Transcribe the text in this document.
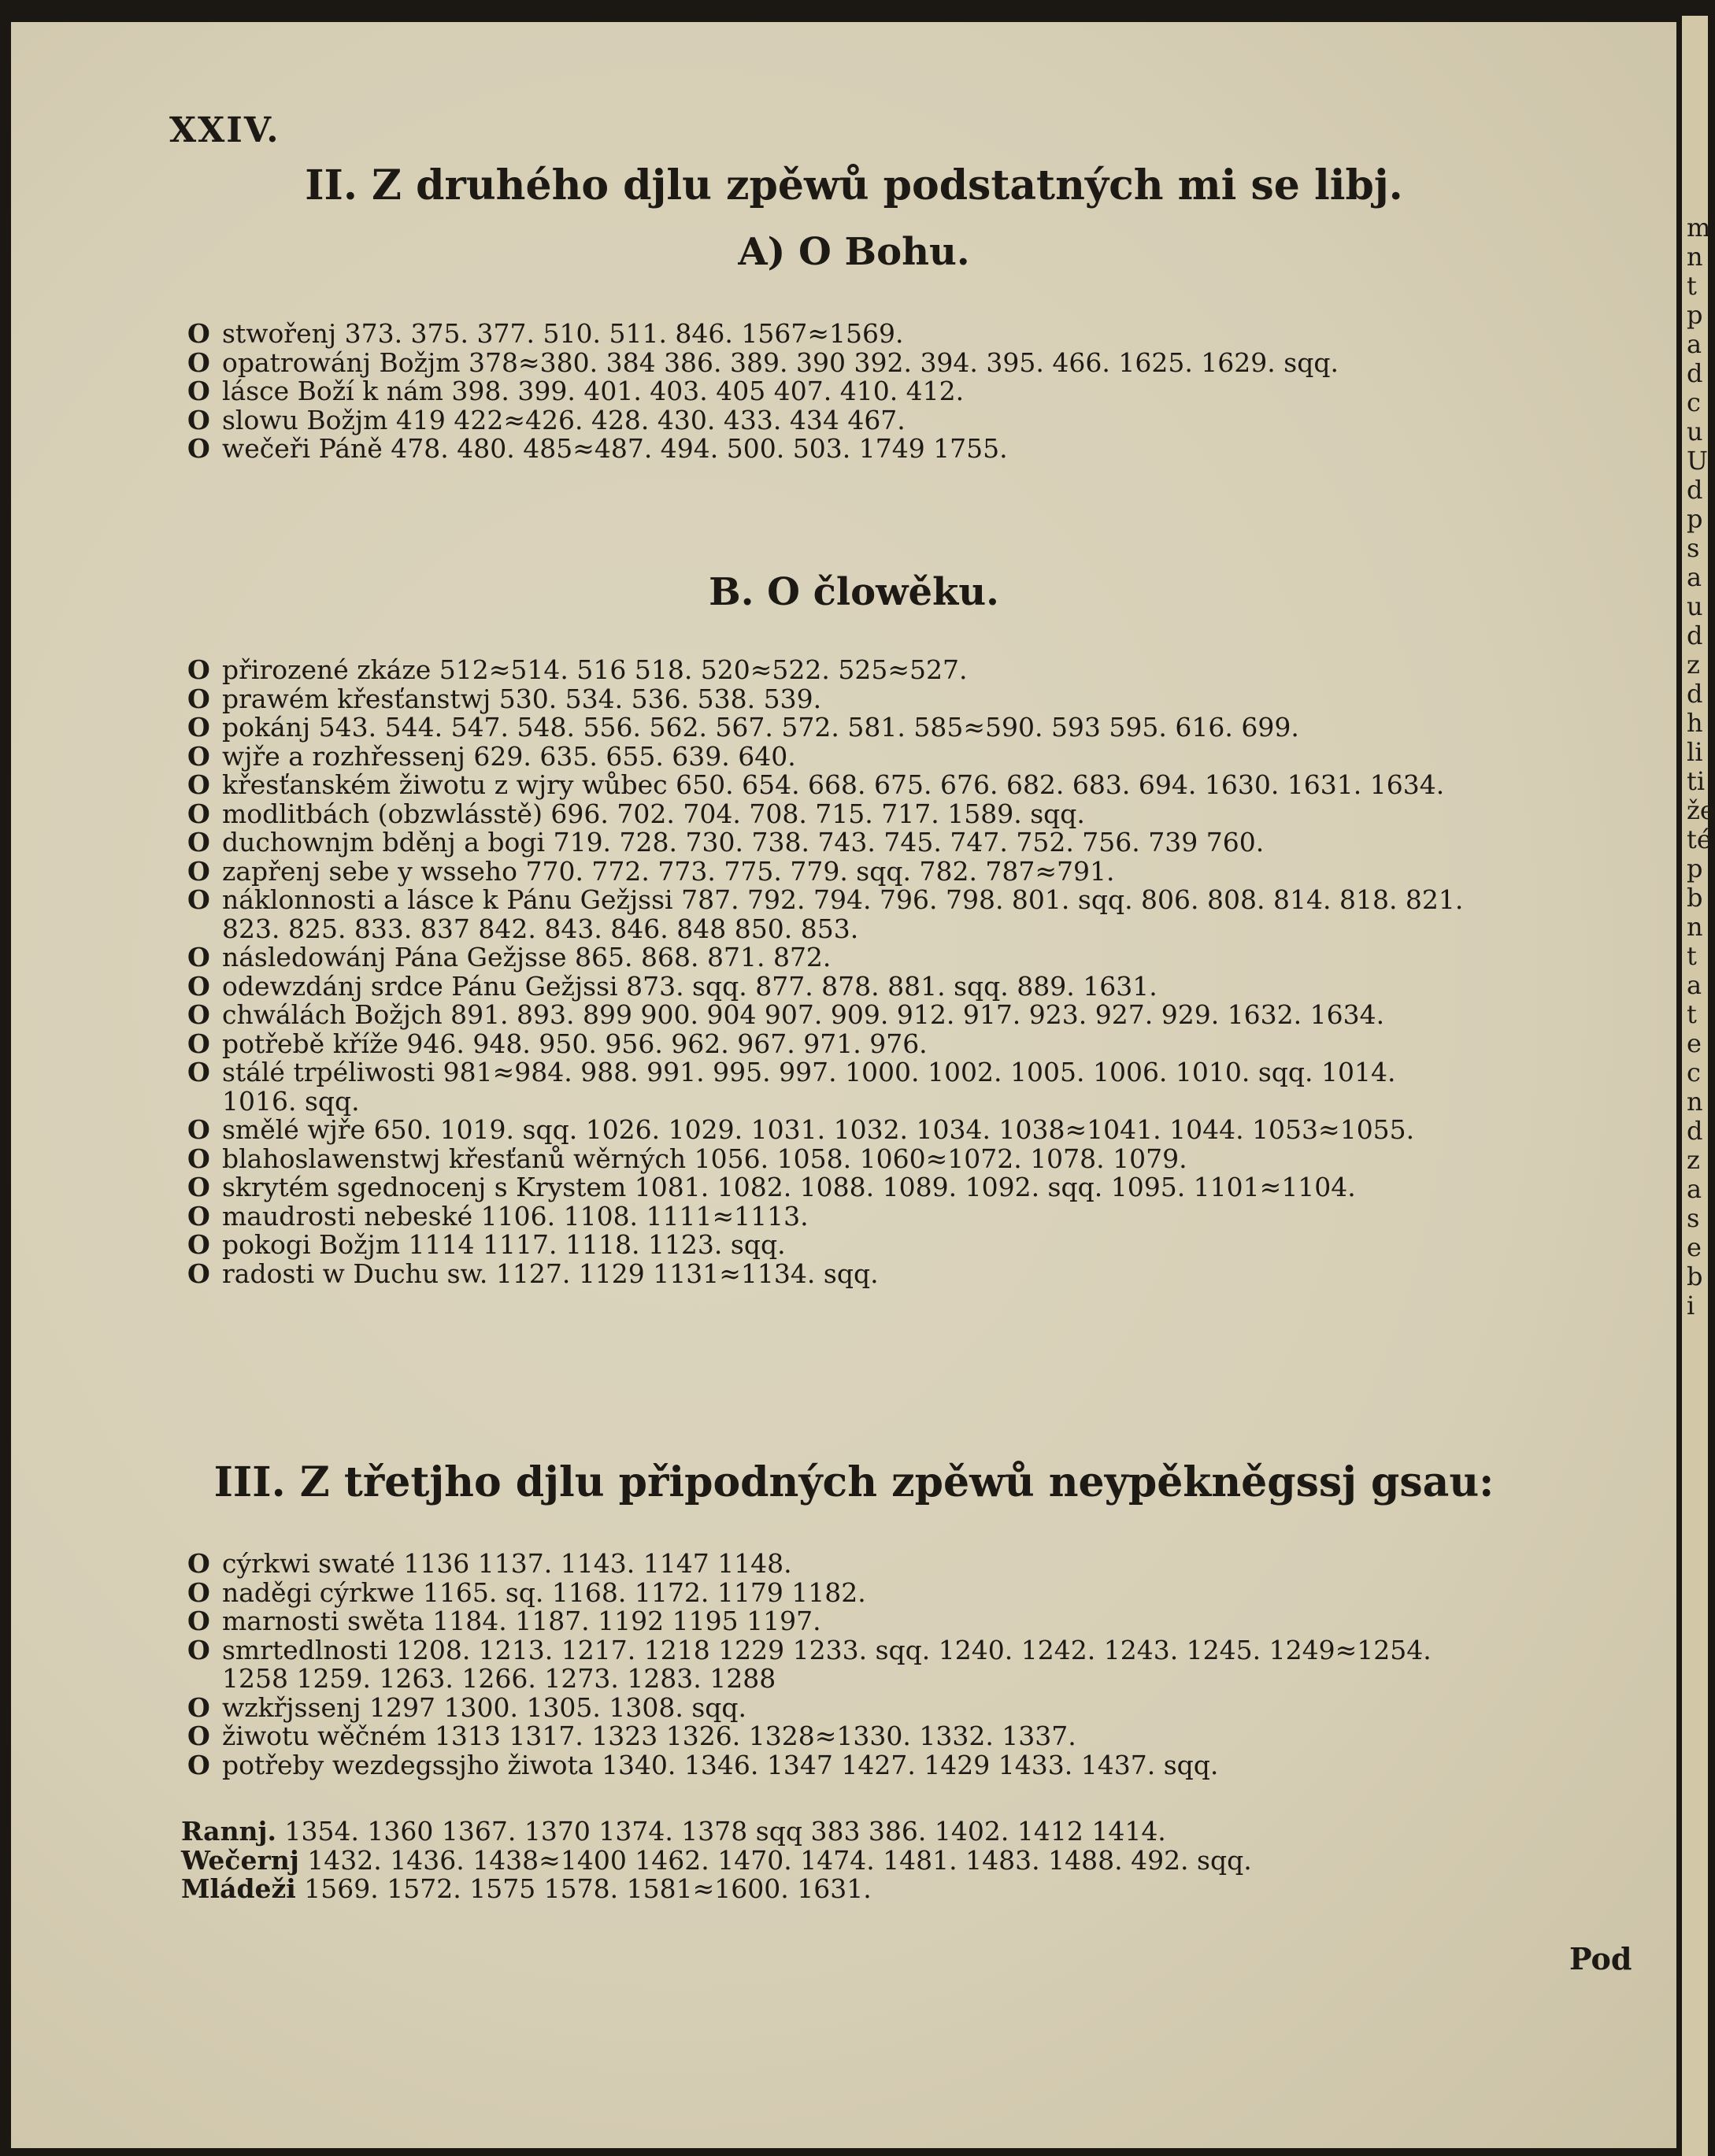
m
n
t
p
a
d
c
u
U
d
p
s
a
u
d
z
d
h
li
ti
že
té
p
b
n
t
a
t
e
c
n
d
z
a
s
e
b
i
XXIV.
II. Z druhého djlu zpěwů podstatných mi se libj.
A) O Bohu.
O stwořenj 373. 375. 377. 510. 511. 846. 1567≈1569.
O opatrowánj Božjm 378≈380. 384 386. 389. 390 392. 394. 395. 466. 1625. 1629. sqq.
O lásce Boží k nám 398. 399. 401. 403. 405 407. 410. 412.
O slowu Božjm 419 422≈426. 428. 430. 433. 434 467.
O wečeři Páně 478. 480. 485≈487. 494. 500. 503. 1749 1755.
B. O člowěku.
O přirozené zkáze 512≈514. 516 518. 520≈522. 525≈527.
O prawém křesťanstwj 530. 534. 536. 538. 539.
O pokánj 543. 544. 547. 548. 556. 562. 567. 572. 581. 585≈590. 593 595. 616. 699.
O wjře a rozhřessenj 629. 635. 655. 639. 640.
O křesťanském žiwotu z wjry wůbec 650. 654. 668. 675. 676. 682. 683. 694. 1630. 1631. 1634.
O modlitbách (obzwlásstě) 696. 702. 704. 708. 715. 717. 1589. sqq.
O duchownjm bděnj a bogi 719. 728. 730. 738. 743. 745. 747. 752. 756. 739 760.
O zapřenj sebe y wsseho 770. 772. 773. 775. 779. sqq. 782. 787≈791.
O náklonnosti a lásce k Pánu Gežjssi 787. 792. 794. 796. 798. 801. sqq. 806. 808. 814. 818. 821.
823. 825. 833. 837 842. 843. 846. 848 850. 853.
O následowánj Pána Gežjsse 865. 868. 871. 872.
O odewzdánj srdce Pánu Gežjssi 873. sqq. 877. 878. 881. sqq. 889. 1631.
O chwálách Božjch 891. 893. 899 900. 904 907. 909. 912. 917. 923. 927. 929. 1632. 1634.
O potřebě kříže 946. 948. 950. 956. 962. 967. 971. 976.
O stálé trpéliwosti 981≈984. 988. 991. 995. 997. 1000. 1002. 1005. 1006. 1010. sqq. 1014.
1016. sqq.
O smělé wjře 650. 1019. sqq. 1026. 1029. 1031. 1032. 1034. 1038≈1041. 1044. 1053≈1055.
O blahoslawenstwj křesťanů wěrných 1056. 1058. 1060≈1072. 1078. 1079.
O skrytém sgednocenj s Krystem 1081. 1082. 1088. 1089. 1092. sqq. 1095. 1101≈1104.
O maudrosti nebeské 1106. 1108. 1111≈1113.
O pokogi Božjm 1114 1117. 1118. 1123. sqq.
O radosti w Duchu sw. 1127. 1129 1131≈1134. sqq.
III. Z třetjho djlu připodných zpěwů neypěkněgssj gsau:
O cýrkwi swaté 1136 1137. 1143. 1147 1148.
O naděgi cýrkwe 1165. sq. 1168. 1172. 1179 1182.
O marnosti swěta 1184. 1187. 1192 1195 1197.
O smrtedlnosti 1208. 1213. 1217. 1218 1229 1233. sqq. 1240. 1242. 1243. 1245. 1249≈1254.
1258 1259. 1263. 1266. 1273. 1283. 1288
O wzkřjssenj 1297 1300. 1305. 1308. sqq.
O žiwotu wěčném 1313 1317. 1323 1326. 1328≈1330. 1332. 1337.
O potřeby wezdegssjho žiwota 1340. 1346. 1347 1427. 1429 1433. 1437. sqq.
Rannj. 1354. 1360 1367. 1370 1374. 1378 sqq 383 386. 1402. 1412 1414.
Wečernj 1432. 1436. 1438≈1400 1462. 1470. 1474. 1481. 1483. 1488. 492. sqq.
Mládeži 1569. 1572. 1575 1578. 1581≈1600. 1631.
Pod
